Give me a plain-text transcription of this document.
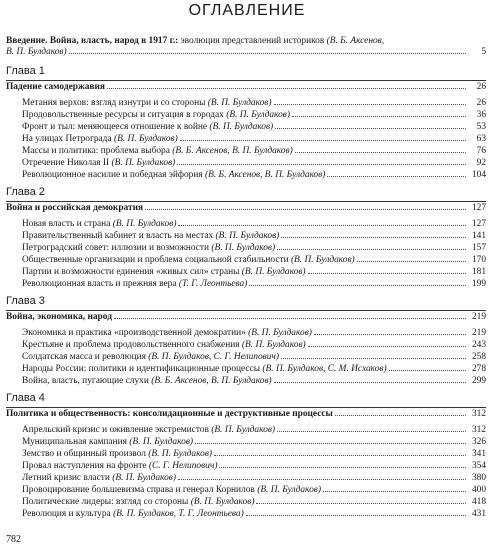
ОГЛАВЛЕНИЕ
Введение. Война, власть, народ в 1917 г.: эволюция представлений историков (В. Б. Аксенов,
В. П. Булдаков)	5
Глава 1
Падение самодержавия	26
Метания верхов: взгляд изнутри и со стороны (В. П. Булдаков)	26
Продовольственные ресурсы и ситуация в городах (В. П. Булдаков)	36
Фронт и тыл: меняющееся отношение к войне (В. П. Булдаков)	53
На улицах Петрограда (В. П. Булдаков)	63
Массы и политика: проблема выбора (В. Б. Аксенов, В. П. Булдаков)	76
Отречение Николая II (В. П. Булдаков)	92
Революционное насилие и победная эйфория (В. Б. Аксенов, В. П. Булдаков)	104
Глава 2
Война и российская демократия	127
Новая власть и страна (В. П. Булдаков)	127
Правительственный кабинет и власть на местах (В. П. Булдаков)	141
Петроградский совет: иллюзии и возможности (В. П. Булдаков)	157
Общественные организации и проблема социальной стабильности (В. П. Булдаков)	170
Партии и возможности единения «живых сил» страны (В. П. Булдаков)	181
Революционная власть и прежняя вера (Т. Г. Леонтьева)	199
Глава 3
Война, экономика, народ	219
Экономика и практика «производственной демократии» (В. П. Булдаков)	219
Крестьяне и проблема продовольственного снабжения (В. П. Булдаков)	243
Солдатская масса и революция (В. П. Булдаков, С. Г. Нелипович)	258
Народы России: политики и идентификационные процессы (В. П. Булдаков, С. М. Исхаков)	278
Война, власть, пугающие слухи (В. Б. Аксенов, В. П. Булдаков)	299
Глава 4
Политика и общественность: консолидационные и деструктивные процессы	312
Апрельский кризис и оживление экстремистов (В. П. Булдаков)	312
Муниципальная кампания (В. П. Булдаков)	326
Земство и общинный произвол (В. П. Булдаков)	341
Провал наступления на фронте (С. Г. Нелипович)	354
Летний кризис власти (В. П. Булдаков)	380
Провоцирование большевизма справа и генерал Корнилов (В. П. Булдаков)	400
Политические лидеры: взгляд со стороны (В. П. Булдаков)	418
Революция и культура (В. П. Булдаков, Т. Г. Леонтьева)	431
782
